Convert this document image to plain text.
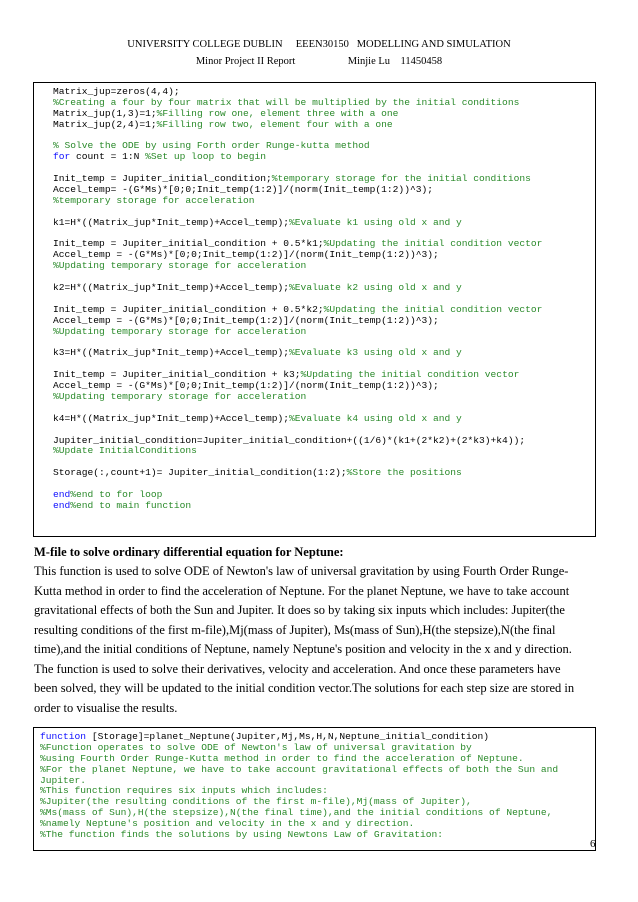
UNIVERSITY COLLEGE DUBLIN     EEEN30150   MODELLING AND SIMULATION
Minor Project II Report                    Minjie Lu    11450458
Matrix_jup=zeros(4,4);
%Creating a four by four matrix that will be multiplied by the initial conditions
Matrix_jup(1,3)=1;%Filling row one, element three with a one
Matrix_jup(2,4)=1;%Filling row two, element four with a one
% Solve the ODE by using Forth order Runge-kutta method
for count = 1:N %Set up loop to begin
Init_temp = Jupiter_initial_condition;%temporary storage for the initial conditions
Accel_temp= -(G*Ms)*[0;0;Init_temp(1:2)]/(norm(Init_temp(1:2))^3);
%temporary storage for acceleration
k1=H*((Matrix_jup*Init_temp)+Accel_temp);%Evaluate k1 using old x and y
Init_temp = Jupiter_initial_condition + 0.5*k1;%Updating the initial condition vector
Accel_temp = -(G*Ms)*[0;0;Init_temp(1:2)]/(norm(Init_temp(1:2))^3);
%Updating temporary storage for acceleration
k2=H*((Matrix_jup*Init_temp)+Accel_temp);%Evaluate k2 using old x and y
Init_temp = Jupiter_initial_condition + 0.5*k2;%Updating the initial condition vector
Accel_temp = -(G*Ms)*[0;0;Init_temp(1:2)]/(norm(Init_temp(1:2))^3);
%Updating temporary storage for acceleration
k3=H*((Matrix_jup*Init_temp)+Accel_temp);%Evaluate k3 using old x and y
Init_temp = Jupiter_initial_condition + k3;%Updating the initial condition vector
Accel_temp = -(G*Ms)*[0;0;Init_temp(1:2)]/(norm(Init_temp(1:2))^3);
%Updating temporary storage for acceleration
k4=H*((Matrix_jup*Init_temp)+Accel_temp);%Evaluate k4 using old x and y
Jupiter_initial_condition=Jupiter_initial_condition+((1/6)*(k1+(2*k2)+(2*k3)+k4));
%Update InitialConditions
Storage(:,count+1)= Jupiter_initial_condition(1:2);%Store the positions
end%end to for loop
end%end to main function
M-file to solve ordinary differential equation for Neptune:
This function is used to solve ODE of Newton's law of universal gravitation by using Fourth Order Runge-
Kutta method in order to find the acceleration of Neptune. For the planet Neptune, we have to take account
gravitational effects of both the Sun and Jupiter. It does so by taking six inputs which includes: Jupiter(the
resulting conditions of the first m-file),Mj(mass of Jupiter), Ms(mass of Sun),H(the stepsize),N(the final
time),and the initial conditions of Neptune, namely Neptune's position and velocity in the x and y direction.
The function is used to solve their derivatives, velocity and acceleration. And once these parameters have
been solved, they will be updated to the initial condition vector.The solutions for each step size are stored in
order to visualise the results.
function [Storage]=planet_Neptune(Jupiter,Mj,Ms,H,N,Neptune_initial_condition)
%Function operates to solve ODE of Newton's law of universal gravitation by
%using Fourth Order Runge-Kutta method in order to find the acceleration of Neptune.
%For the planet Neptune, we have to take account gravitational effects of both the Sun and
Jupiter.
%This function requires six inputs which includes:
%Jupiter(the resulting conditions of the first m-file),Mj(mass of Jupiter),
%Ms(mass of Sun),H(the stepsize),N(the final time),and the initial conditions of Neptune,
%namely Neptune's position and velocity in the x and y direction.
%The function finds the solutions by using Newtons Law of Gravitation:
6
